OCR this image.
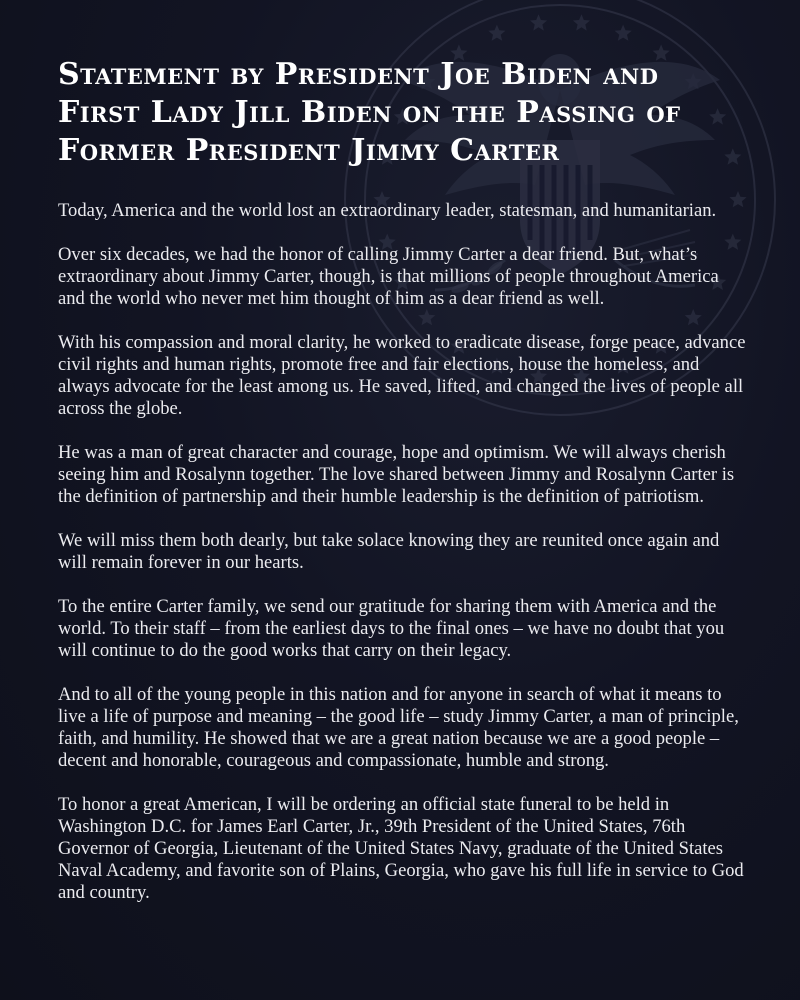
Statement by President Joe Biden and First Lady Jill Biden on the Passing of Former President Jimmy Carter

Today, America and the world lost an extraordinary leader, statesman, and humanitarian.

Over six decades, we had the honor of calling Jimmy Carter a dear friend. But, what’s extraordinary about Jimmy Carter, though, is that millions of people throughout America and the world who never met him thought of him as a dear friend as well.

With his compassion and moral clarity, he worked to eradicate disease, forge peace, advance civil rights and human rights, promote free and fair elections, house the homeless, and always advocate for the least among us. He saved, lifted, and changed the lives of people all across the globe.

He was a man of great character and courage, hope and optimism. We will always cherish seeing him and Rosalynn together. The love shared between Jimmy and Rosalynn Carter is the definition of partnership and their humble leadership is the definition of patriotism.

We will miss them both dearly, but take solace knowing they are reunited once again and will remain forever in our hearts.

To the entire Carter family, we send our gratitude for sharing them with America and the world. To their staff – from the earliest days to the final ones – we have no doubt that you will continue to do the good works that carry on their legacy.

And to all of the young people in this nation and for anyone in search of what it means to live a life of purpose and meaning – the good life – study Jimmy Carter, a man of principle, faith, and humility. He showed that we are a great nation because we are a good people – decent and honorable, courageous and compassionate, humble and strong.

To honor a great American, I will be ordering an official state funeral to be held in Washington D.C. for James Earl Carter, Jr., 39th President of the United States, 76th Governor of Georgia, Lieutenant of the United States Navy, graduate of the United States Naval Academy, and favorite son of Plains, Georgia, who gave his full life in service to God and country.
